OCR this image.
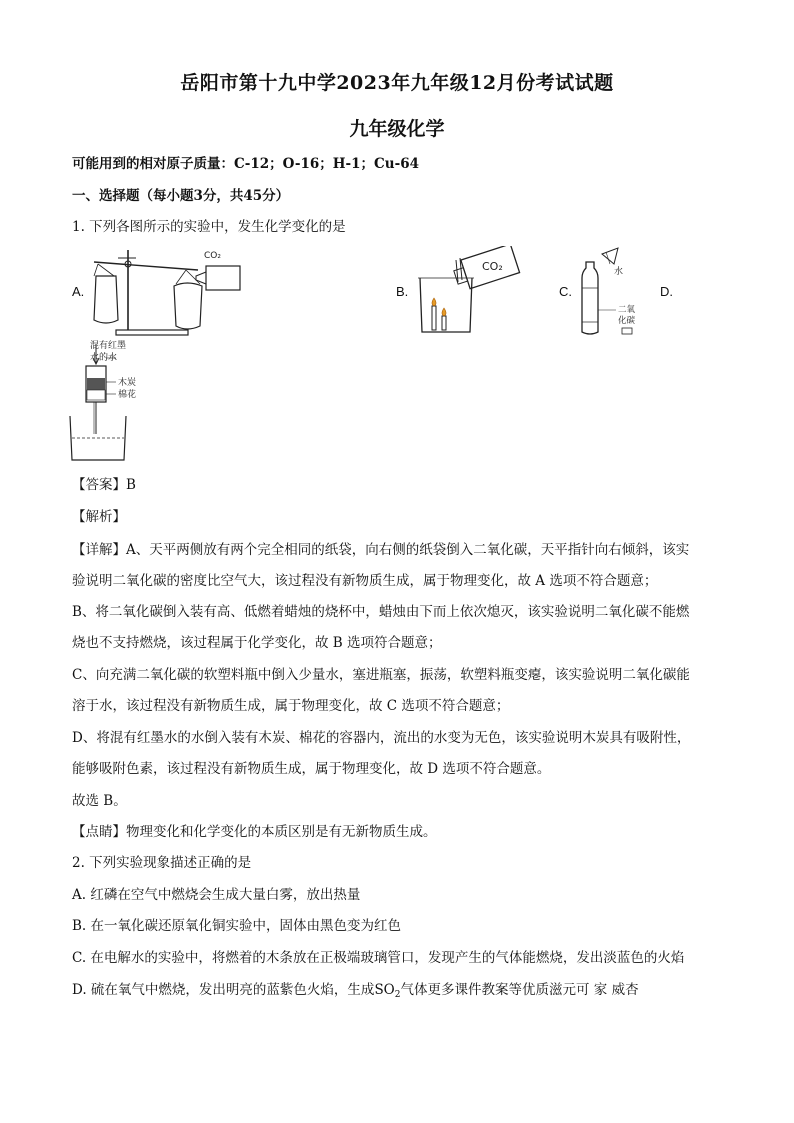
岳阳市第十九中学2023年九年级12月份考试试题
九年级化学
可能用到的相对原子质量：C-12；O-16；H-1；Cu-64
一、选择题（每小题3分，共45分）
1. 下列各图所示的实验中，发生化学变化的是
A.	B.	C.	D.
CO₂
CO₂	水
二氧
化碳
混有红墨
水的水
木炭
棉花
【答案】B
【解析】
【详解】A、天平两侧放有两个完全相同的纸袋，向右侧的纸袋倒入二氧化碳，天平指针向右倾斜，该实
验说明二氧化碳的密度比空气大，该过程没有新物质生成，属于物理变化，故 A 选项不符合题意；
B、将二氧化碳倒入装有高、低燃着蜡烛的烧杯中，蜡烛由下而上依次熄灭，该实验说明二氧化碳不能燃
烧也不支持燃烧，该过程属于化学变化，故 B 选项符合题意；
C、向充满二氧化碳的软塑料瓶中倒入少量水，塞进瓶塞，振荡，软塑料瓶变瘪，该实验说明二氧化碳能
溶于水，该过程没有新物质生成，属于物理变化，故 C 选项不符合题意；
D、将混有红墨水的水倒入装有木炭、棉花的容器内，流出的水变为无色，该实验说明木炭具有吸附性，
能够吸附色素，该过程没有新物质生成，属于物理变化，故 D 选项不符合题意。
故选 B。
【点睛】物理变化和化学变化的本质区别是有无新物质生成。
2. 下列实验现象描述正确的是
A. 红磷在空气中燃烧会生成大量白雾，放出热量
B. 在一氧化碳还原氧化铜实验中，固体由黑色变为红色
C. 在电解水的实验中，将燃着的木条放在正极端玻璃管口，发现产生的气体能燃烧，发出淡蓝色的火焰
D. 硫在氧气中燃烧，发出明亮的蓝紫色火焰，生成$SO_2$气体更多课件教案等优质滋元可 家 威杏
